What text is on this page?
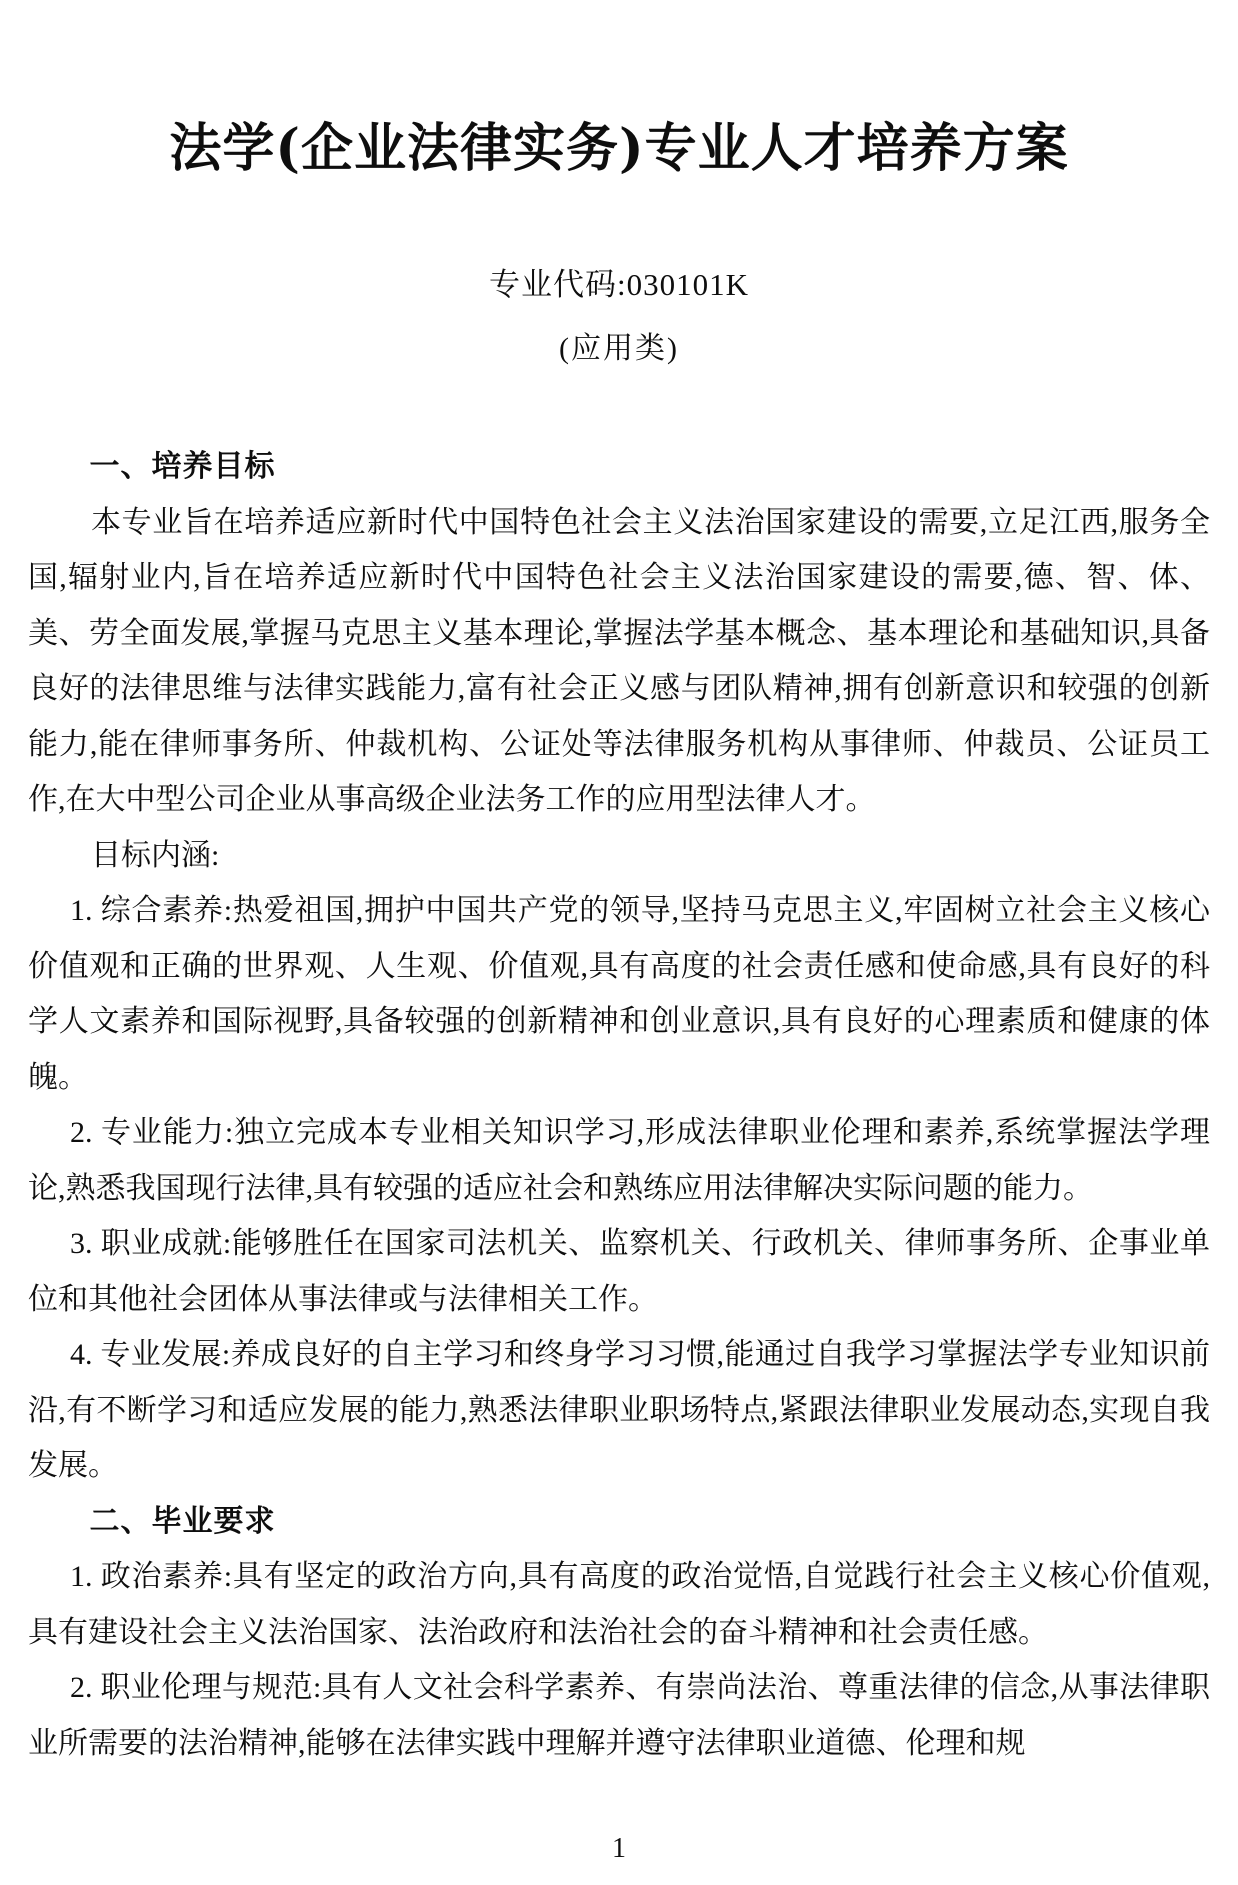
法学(企业法律实务)专业人才培养方案
专业代码:030101K
(应用类)
一、培养目标

本专业旨在培养适应新时代中国特色社会主义法治国家建设的需要,立足江西,服务全国,辐射业内,旨在培养适应新时代中国特色社会主义法治国家建设的需要,德、智、体、美、劳全面发展,掌握马克思主义基本理论,掌握法学基本概念、基本理论和基础知识,具备良好的法律思维与法律实践能力,富有社会正义感与团队精神,拥有创新意识和较强的创新能力,能在律师事务所、仲裁机构、公证处等法律服务机构从事律师、仲裁员、公证员工作,在大中型公司企业从事高级企业法务工作的应用型法律人才。

目标内涵:

1. 综合素养:热爱祖国,拥护中国共产党的领导,坚持马克思主义,牢固树立社会主义核心价值观和正确的世界观、人生观、价值观,具有高度的社会责任感和使命感,具有良好的科学人文素养和国际视野,具备较强的创新精神和创业意识,具有良好的心理素质和健康的体魄。

2. 专业能力:独立完成本专业相关知识学习,形成法律职业伦理和素养,系统掌握法学理论,熟悉我国现行法律,具有较强的适应社会和熟练应用法律解决实际问题的能力。

3. 职业成就:能够胜任在国家司法机关、监察机关、行政机关、律师事务所、企事业单位和其他社会团体从事法律或与法律相关工作。

4. 专业发展:养成良好的自主学习和终身学习习惯,能通过自我学习掌握法学专业知识前沿,有不断学习和适应发展的能力,熟悉法律职业职场特点,紧跟法律职业发展动态,实现自我发展。

二、毕业要求

1. 政治素养:具有坚定的政治方向,具有高度的政治觉悟,自觉践行社会主义核心价值观,具有建设社会主义法治国家、法治政府和法治社会的奋斗精神和社会责任感。

2. 职业伦理与规范:具有人文社会科学素养、有崇尚法治、尊重法律的信念,从事法律职业所需要的法治精神,能够在法律实践中理解并遵守法律职业道德、伦理和规

1
